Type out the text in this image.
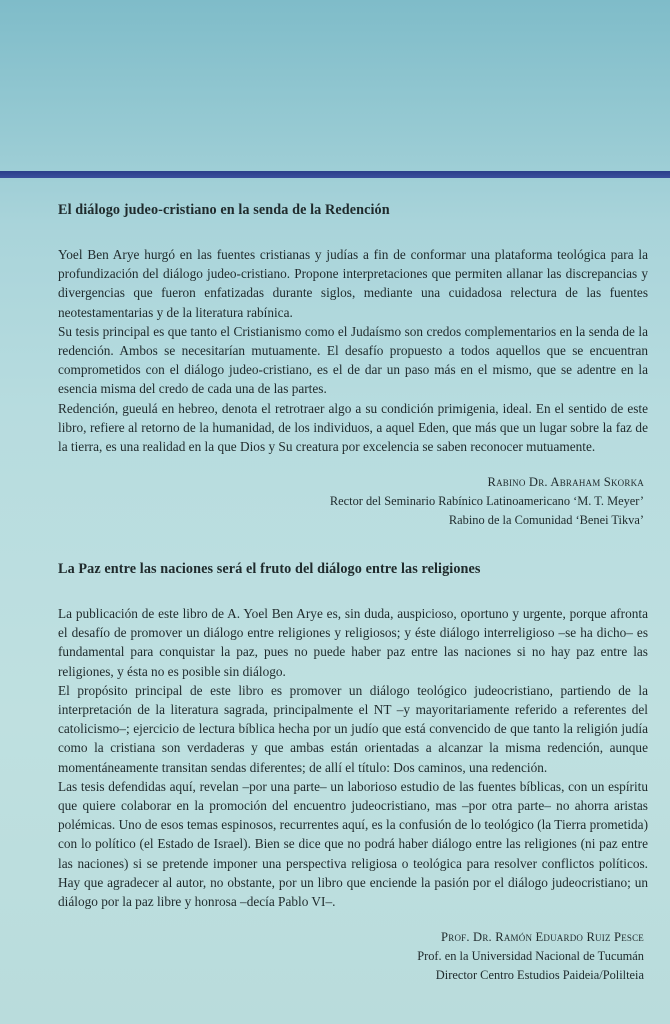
El diálogo judeo-cristiano en la senda de la Redención

Yoel Ben Arye hurgó en las fuentes cristianas y judías a fin de conformar una plataforma teológica para la profundización del diálogo judeo-cristiano. Propone interpretaciones que permiten allanar las discrepancias y divergencias que fueron enfatizadas durante siglos, mediante una cuidadosa relectura de las fuentes neotestamentarias y de la literatura rabínica.

Su tesis principal es que tanto el Cristianismo como el Judaísmo son credos complementarios en la senda de la redención. Ambos se necesitarían mutuamente. El desafío propuesto a todos aquellos que se encuentran comprometidos con el diálogo judeo-cristiano, es el de dar un paso más en el mismo, que se adentre en la esencia misma del credo de cada una de las partes.

Redención, gueulá en hebreo, denota el retrotraer algo a su condición primigenia, ideal. En el sentido de este libro, refiere al retorno de la humanidad, de los individuos, a aquel Eden, que más que un lugar sobre la faz de la tierra, es una realidad en la que Dios y Su creatura por excelencia se saben reconocer mutuamente.

Rabino Dr. Abraham Skorka
Rector del Seminario Rabínico Latinoamericano ‘M. T. Meyer’
Rabino de la Comunidad ‘Benei Tikva’
La Paz entre las naciones será el fruto del diálogo entre las religiones

La publicación de este libro de A. Yoel Ben Arye es, sin duda, auspicioso, oportuno y urgente, porque afronta el desafío de promover un diálogo entre religiones y religiosos; y éste diálogo interreligioso –se ha dicho– es fundamental para conquistar la paz, pues no puede haber paz entre las naciones si no hay paz entre las religiones, y ésta no es posible sin diálogo.

El propósito principal de este libro es promover un diálogo teológico judeocristiano, partiendo de la interpretación de la literatura sagrada, principalmente el NT –y mayoritariamente referido a referentes del catolicismo–; ejercicio de lectura bíblica hecha por un judío que está convencido de que tanto la religión judía como la cristiana son verdaderas y que ambas están orientadas a alcanzar la misma redención, aunque momentáneamente transitan sendas diferentes; de allí el título: Dos caminos, una redención.

Las tesis defendidas aquí, revelan –por una parte– un laborioso estudio de las fuentes bíblicas, con un espíritu que quiere colaborar en la promoción del encuentro judeocristiano, mas –por otra parte– no ahorra aristas polémicas. Uno de esos temas espinosos, recurrentes aquí, es la confusión de lo teológico (la Tierra prometida) con lo político (el Estado de Israel). Bien se dice que no podrá haber diálogo entre las religiones (ni paz entre las naciones) si se pretende imponer una perspectiva religiosa o teológica para resolver conflictos políticos. Hay que agradecer al autor, no obstante, por un libro que enciende la pasión por el diálogo judeocristiano; un diálogo por la paz libre y honrosa –decía Pablo VI–.

Prof. Dr. Ramón Eduardo Ruiz Pesce
Prof. en la Universidad Nacional de Tucumán
Director Centro Estudios Paideia/Polilteia
